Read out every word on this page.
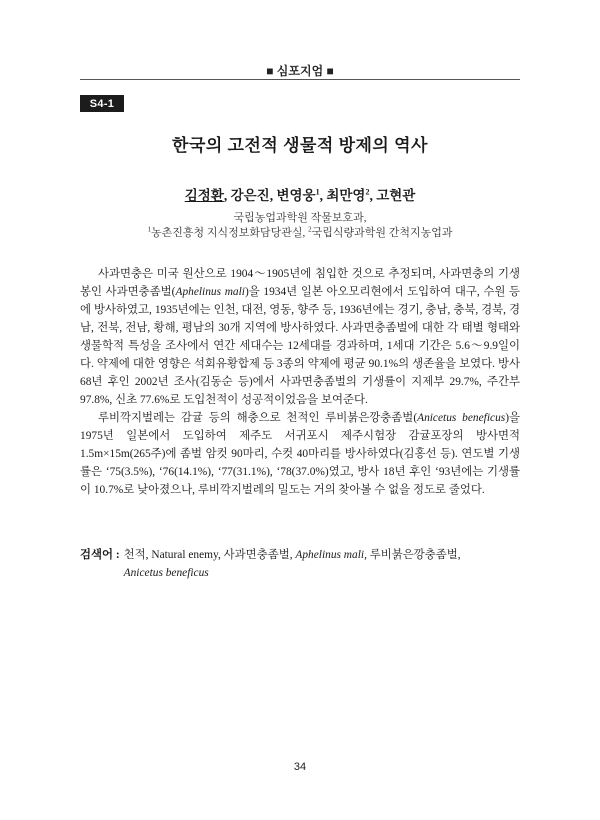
■ 심포지엄 ■
S4-1
한국의 고전적 생물적 방제의 역사
김정환, 강은진, 변영웅$^1$, 최만영$^2$, 고현관
국립농업과학원 작물보호과,
$^1$농촌진흥청 지식정보화담당관실, $^2$국립식량과학원 간척지농업과

사과면충은 미국 원산으로 1904～1905년에 침입한 것으로 추정되며, 사과면충의 기생봉인 사과면충좀벌(Aphelinus mali)을 1934년 일본 아오모리현에서 도입하여 대구, 수원 등에 방사하였고, 1935년에는 인천, 대전, 영동, 향주 등, 1936년에는 경기, 충남, 충북, 경북, 경남, 전북, 전남, 황해, 평남의 30개 지역에 방사하였다. 사과면충좀벌에 대한 각 태별 형태와 생물학적 특성을 조사에서 연간 세대수는 12세대를 경과하며, 1세대 기간은 5.6～9.9일이다. 약제에 대한 영향은 석회유황합제 등 3종의 약제에 평균 90.1%의 생존율을 보였다. 방사 68년 후인 2002년 조사(김동순 등)에서 사과면충좀벌의 기생률이 지제부 29.7%, 주간부 97.8%, 신초 77.6%로 도입천적이 성공적이었음을 보여준다.

루비깍지벌레는 감귤 등의 해충으로 천적인 루비붉은깡충좀벌(Anicetus beneficus)을 1975년 일본에서 도입하여 제주도 서귀포시 제주시험장 감귤포장의 방사면적 1.5m×15m(265주)에 좀벌 암컷 90마리, 수컷 40마리를 방사하였다(김홍선 등). 연도별 기생률은 ‘75(3.5%), ‘76(14.1%), ‘77(31.1%), ‘78(37.0%)였고, 방사 18년 후인 ‘93년에는 기생률이 10.7%로 낮아졌으나, 루비깍지벌레의 밀도는 거의 찾아볼 수 없을 정도로 줄었다.

검색어 : 천적, Natural enemy, 사과면충좀벌, Aphelinus mali, 루비붉은깡충좀벌,
Anicetus beneficus
34
